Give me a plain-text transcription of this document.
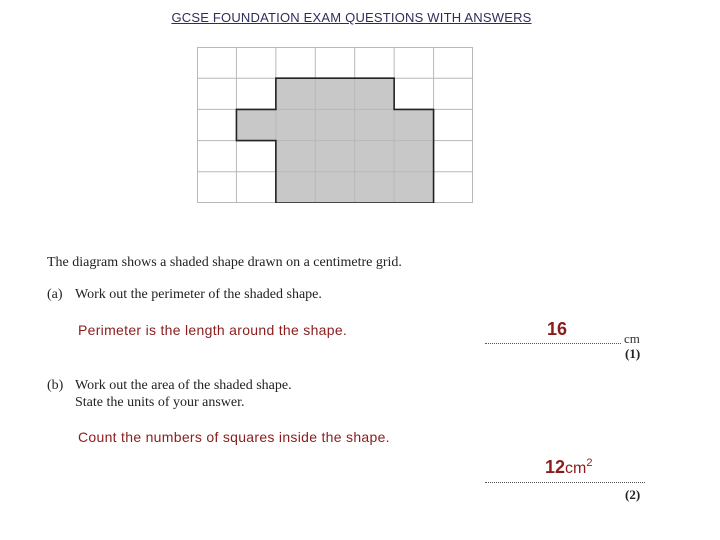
GCSE FOUNDATION EXAM QUESTIONS WITH ANSWERS
The diagram shows a shaded shape drawn on a centimetre grid.
(a) Work out the perimeter of the shaded shape.
Perimeter is the length around the shape.	16	cm
(1)
(b) Work out the area of the shaded shape.
State the units of your answer.
Count the numbers of squares inside the shape.
$12cm^2$
(2)
